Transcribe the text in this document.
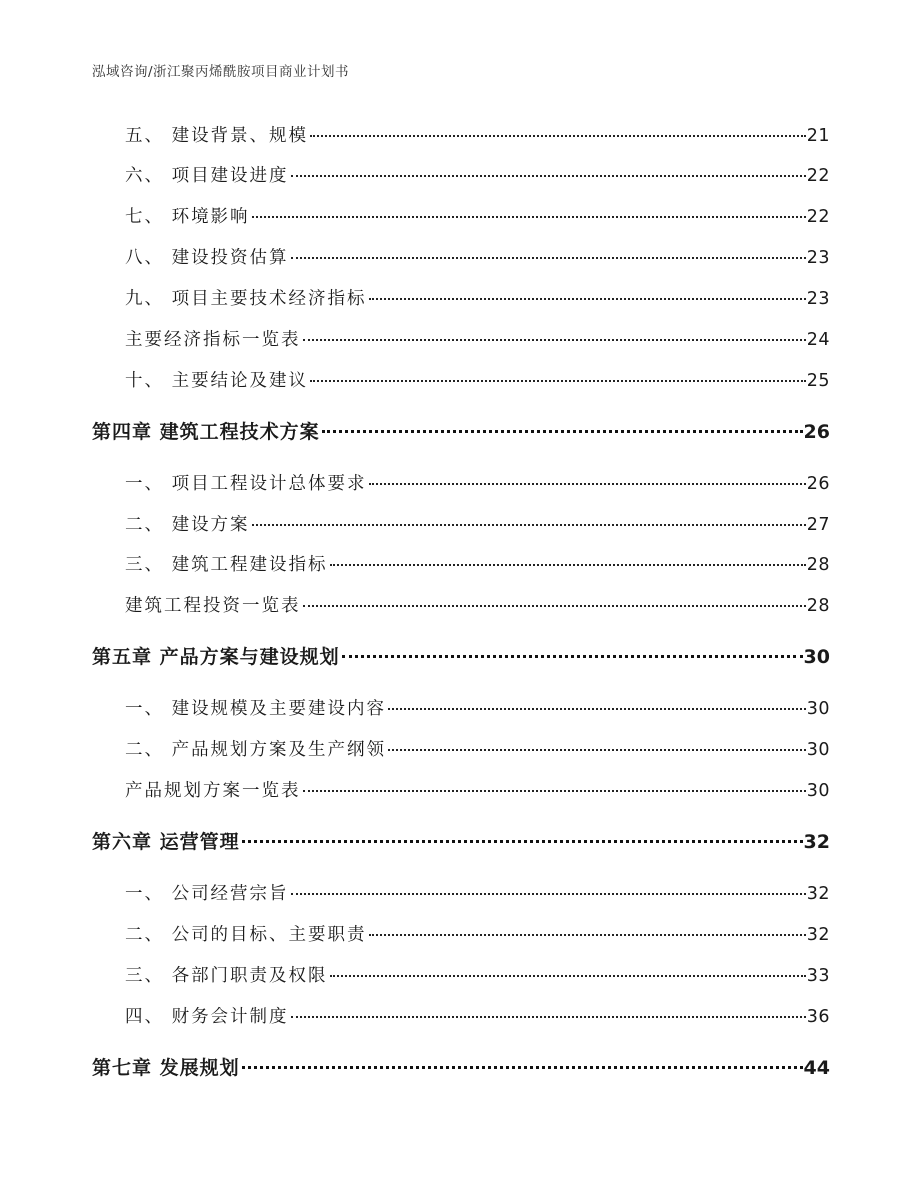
泓域咨询/浙江聚丙烯酰胺项目商业计划书
五、 建设背景、规模	21
六、 项目建设进度	22
七、 环境影响	22
八、 建设投资估算	23
九、 项目主要技术经济指标	23
主要经济指标一览表	24
十、 主要结论及建议	25
第四章 建筑工程技术方案	26
一、 项目工程设计总体要求	26
二、 建设方案	27
三、 建筑工程建设指标	28
建筑工程投资一览表	28
第五章 产品方案与建设规划	30
一、 建设规模及主要建设内容	30
二、 产品规划方案及生产纲领	30
产品规划方案一览表	30
第六章 运营管理	32
一、 公司经营宗旨	32
二、 公司的目标、主要职责	32
三、 各部门职责及权限	33
四、 财务会计制度	36
第七章 发展规划	44
